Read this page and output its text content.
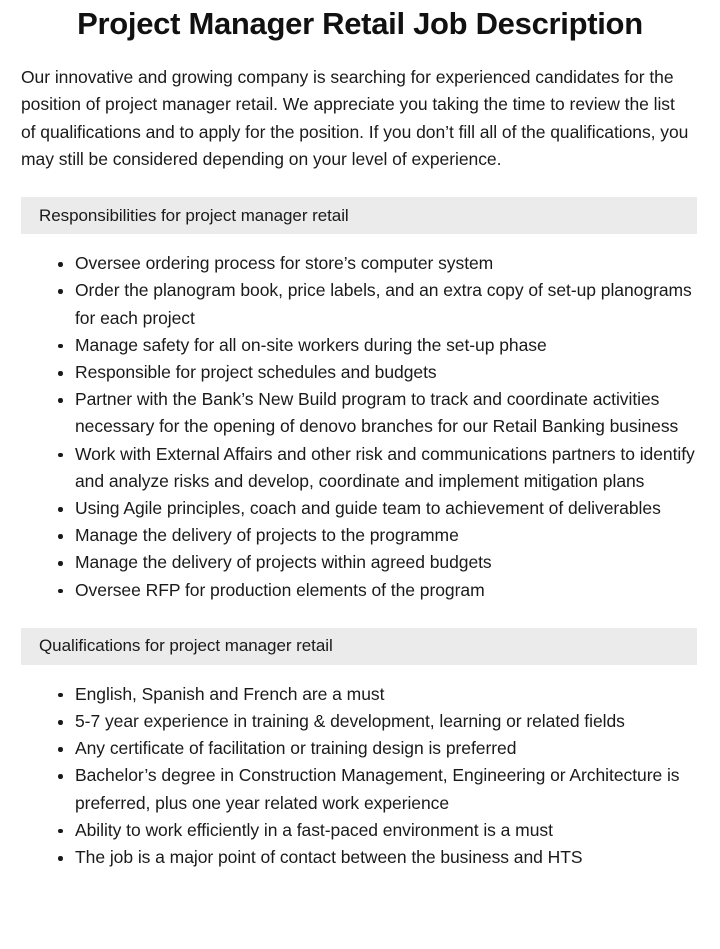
Project Manager Retail Job Description

Our innovative and growing company is searching for experienced candidates for the position of project manager retail. We appreciate you taking the time to review the list of qualifications and to apply for the position. If you don’t fill all of the qualifications, you may still be considered depending on your level of experience.

Responsibilities for project manager retail
Oversee ordering process for store’s computer system
Order the planogram book, price labels, and an extra copy of set-up planograms for each project
Manage safety for all on-site workers during the set-up phase
Responsible for project schedules and budgets
Partner with the Bank’s New Build program to track and coordinate activities necessary for the opening of denovo branches for our Retail Banking business
Work with External Affairs and other risk and communications partners to identify and analyze risks and develop, coordinate and implement mitigation plans
Using Agile principles, coach and guide team to achievement of deliverables
Manage the delivery of projects to the programme
Manage the delivery of projects within agreed budgets
Oversee RFP for production elements of the program
Qualifications for project manager retail
English, Spanish and French are a must
5-7 year experience in training & development, learning or related fields
Any certificate of facilitation or training design is preferred
Bachelor’s degree in Construction Management, Engineering or Architecture is preferred, plus one year related work experience
Ability to work efficiently in a fast-paced environment is a must
The job is a major point of contact between the business and HTS
